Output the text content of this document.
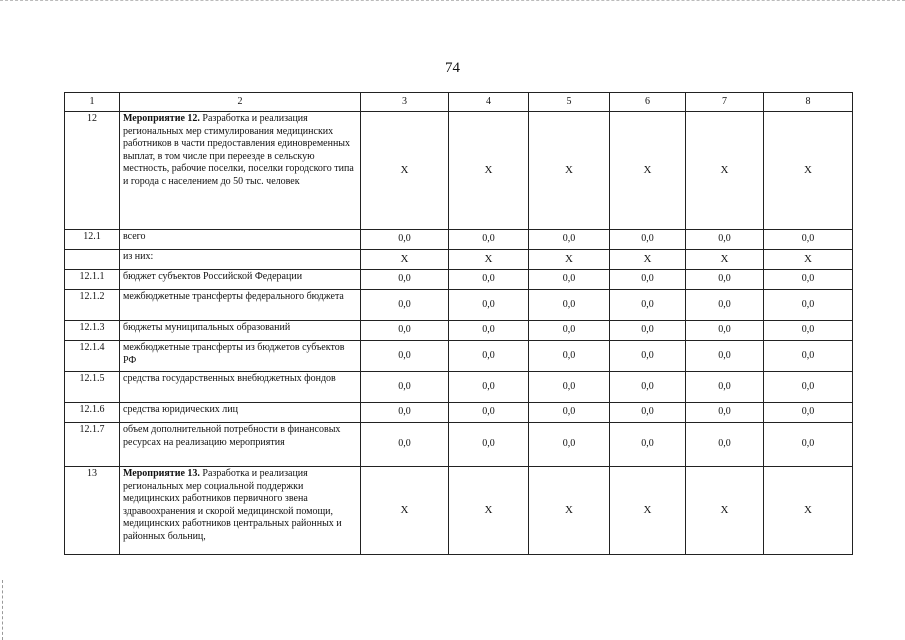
74
1	2	3	4	5	6	7	8
12	Мероприятие 12. Разработка и реализация региональных мер стимулирования медицинских работников в части предоставления единовременных выплат, в том числе при переезде в сельскую местность, рабочие поселки, поселки городского типа и города с населением до 50 тыс. человек	Х	Х	Х	Х	Х	Х
12.1	всего	0,0	0,0	0,0	0,0	0,0	0,0
	из них:	Х	Х	Х	Х	Х	Х
12.1.1	бюджет субъектов Российской Федерации	0,0	0,0	0,0	0,0	0,0	0,0
12.1.2	межбюджетные трансферты федерального бюджета	0,0	0,0	0,0	0,0	0,0	0,0
12.1.3	бюджеты муниципальных образований	0,0	0,0	0,0	0,0	0,0	0,0
12.1.4	межбюджетные трансферты из бюджетов субъектов РФ	0,0	0,0	0,0	0,0	0,0	0,0
12.1.5	средства государственных внебюджетных фондов	0,0	0,0	0,0	0,0	0,0	0,0
12.1.6	средства юридических лиц	0,0	0,0	0,0	0,0	0,0	0,0
12.1.7	объем дополнительной потребности в финансовых ресурсах на реализацию мероприятия	0,0	0,0	0,0	0,0	0,0	0,0
13	Мероприятие 13. Разработка и реализация региональных мер социальной поддержки медицинских работников первичного звена здравоохранения и скорой медицинской помощи, медицинских работников центральных районных и районных больниц,	Х	Х	Х	Х	Х	Х
